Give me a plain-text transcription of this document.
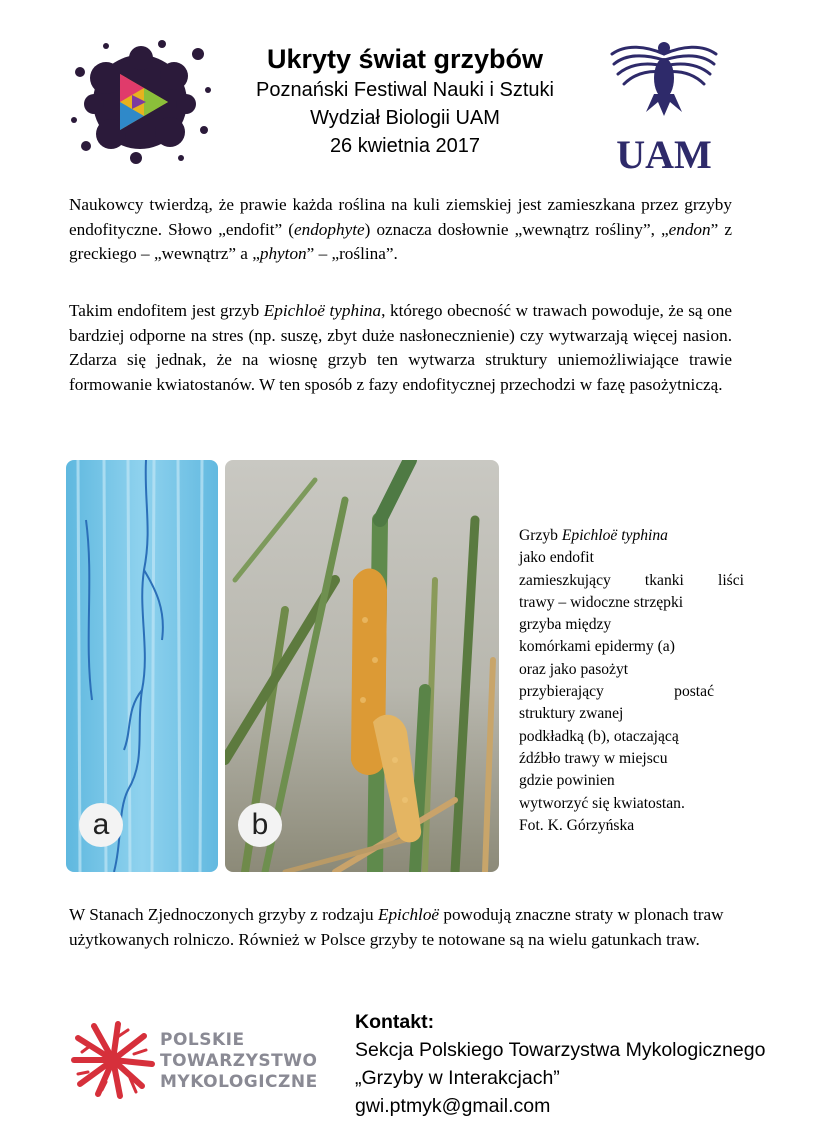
Ukryty świat grzybów
Poznański Festiwal Nauki i Sztuki
Wydział Biologii UAM
26 kwietnia 2017	UAM
Naukowcy twierdzą, że prawie każda roślina na kuli ziemskiej jest zamieszkana przez grzyby endofityczne. Słowo „endofit” (endophyte) oznacza dosłownie „wewnątrz rośliny”, „endon” z greckiego – „wewnątrz” a „phyton” – „roślina”.
Takim endofitem jest grzyb Epichloë typhina, którego obecność w trawach powoduje, że są one bardziej odporne na stres (np. suszę, zbyt duże nasłonecznienie) czy wytwarzają więcej nasion. Zdarza się jednak, że na wiosnę grzyb ten wytwarza struktury uniemożliwiające trawie formowanie kwiatostanów. W ten sposób z fazy endofitycznej przechodzi w fazę pasożytniczą.
a	b
Grzyb Epichloë typhina
jako endofit
zamieszkujący tkanki liści
trawy – widoczne strzępki
grzyba między
komórkami epidermy (a)
oraz jako pasożyt
przybierający postać
struktury zwanej
podkładką (b), otaczającą
źdźbło trawy w miejscu
gdzie powinien
wytworzyć się kwiatostan.
Fot. K. Górzyńska
W Stanach Zjednoczonych grzyby z rodzaju Epichloë powodują znaczne straty w plonach traw użytkowanych rolniczo. Również w Polsce grzyby te notowane są na wielu gatunkach traw.
POLSKIE
TOWARZYSTWO
MYKOLOGICZNE
Kontakt:
Sekcja Polskiego Towarzystwa Mykologicznego
„Grzyby w Interakcjach”
gwi.ptmyk@gmail.com
